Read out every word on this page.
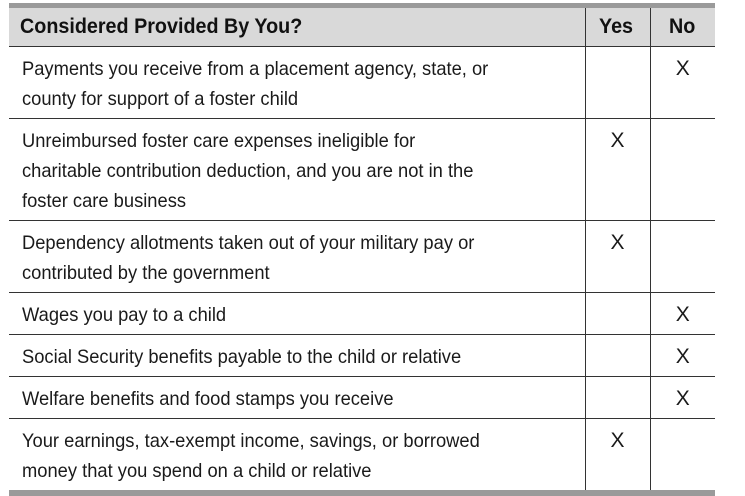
Considered Provided By You?	Yes	No
Payments you receive from a placement agency, state, or
county for support of a foster child		X
Unreimbursed foster care expenses ineligible for
charitable contribution deduction, and you are not in the
foster care business	X	
Dependency allotments taken out of your military pay or
contributed by the government	X	
Wages you pay to a child		X
Social Security benefits payable to the child or relative		X
Welfare benefits and food stamps you receive		X
Your earnings, tax-exempt income, savings, or borrowed
money that you spend on a child or relative	X	
